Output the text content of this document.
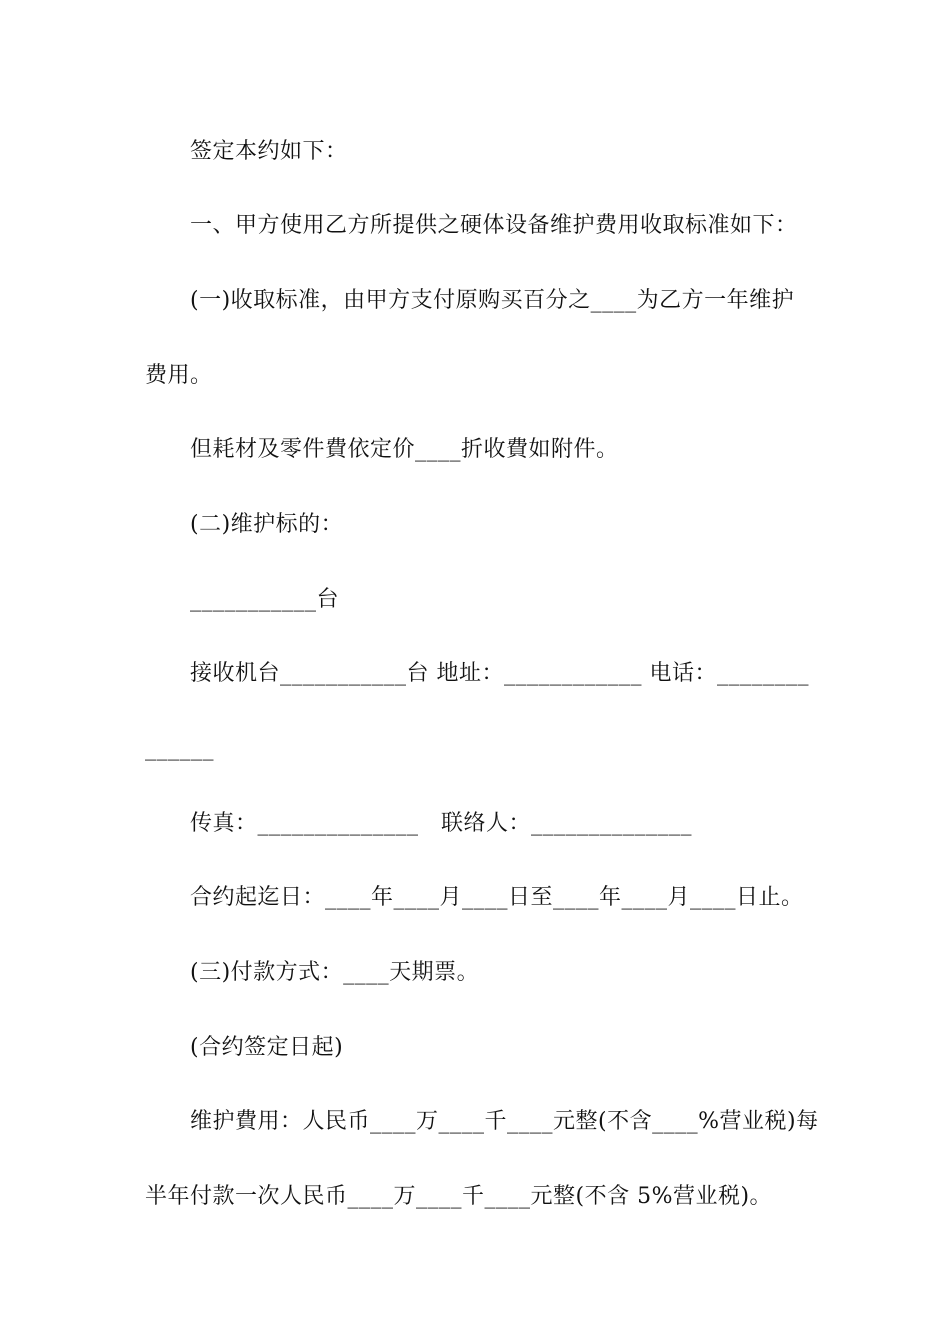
签定本约如下：
一、甲方使用乙方所提供之硬体设备维护费用收取标准如下：
(一)收取标准，由甲方支付原购买百分之____为乙方一年维护
费用。
但耗材及零件費依定价____折收費如附件。
(二)维护标的：
___________台
接收机台___________台 地址：____________ 电话：________
______
传真：______________   联络人：______________
合约起迄日：____年____月____日至____年____月____日止。
(三)付款方式：____天期票。
(合约签定日起)
维护費用：人民币____万____千____元整(不含____%营业税)每
半年付款一次人民币____万____千____元整(不含 5%营业税)。
